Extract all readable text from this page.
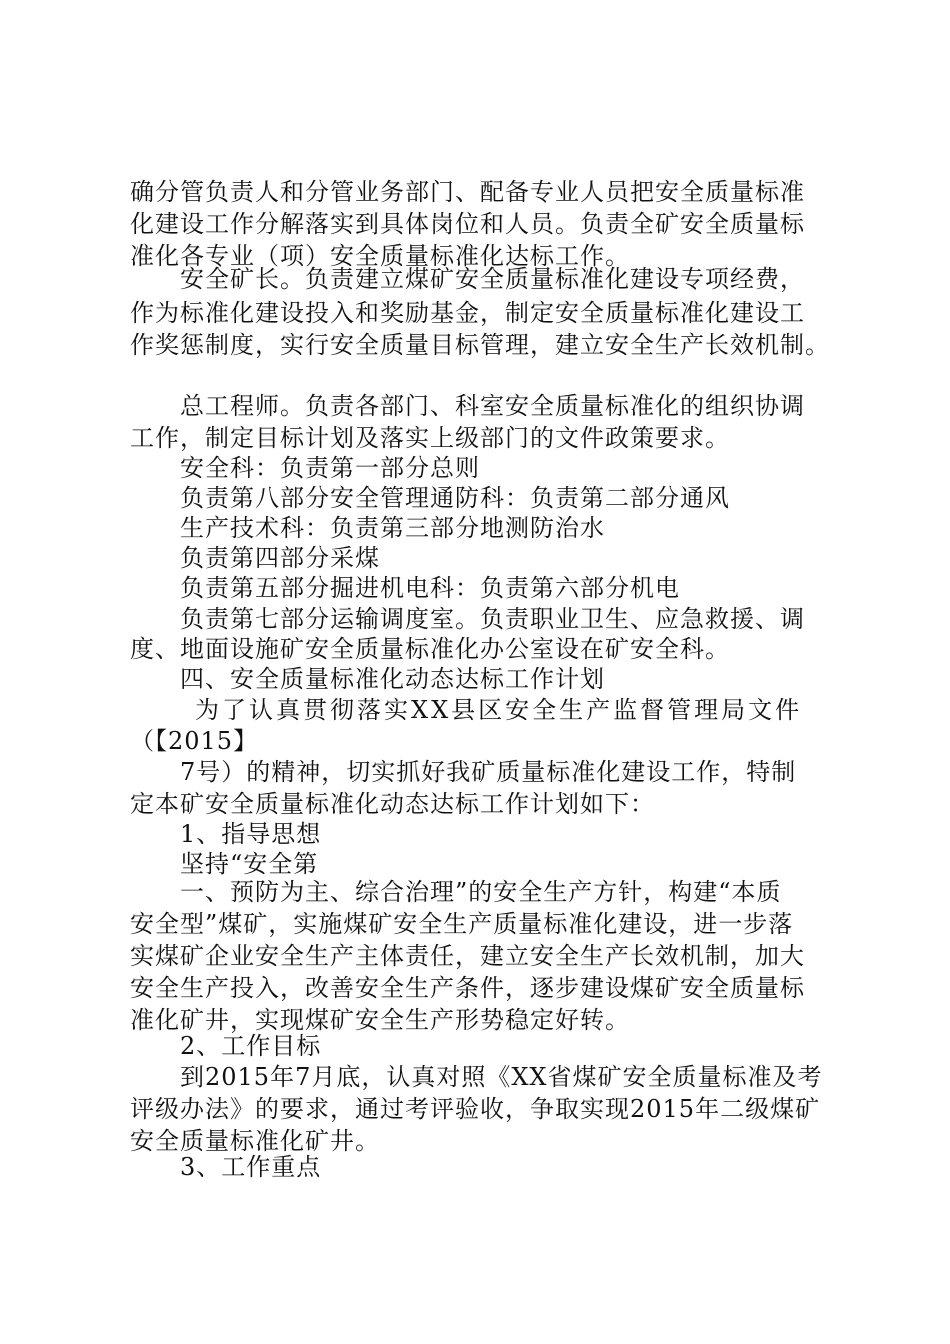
确分管负责人和分管业务部门、配备专业人员把安全质量标准
化建设工作分解落实到具体岗位和人员。负责全矿安全质量标
准化各专业（项）安全质量标准化达标工作。
安全矿长。负责建立煤矿安全质量标准化建设专项经费，
作为标准化建设投入和奖励基金，制定安全质量标准化建设工
作奖惩制度，实行安全质量目标管理，建立安全生产长效机制。
总工程师。负责各部门、科室安全质量标准化的组织协调
工作，制定目标计划及落实上级部门的文件政策要求。
安全科：负责第一部分总则
负责第八部分安全管理通防科：负责第二部分通风
生产技术科：负责第三部分地测防治水
负责第四部分采煤
负责第五部分掘进机电科：负责第六部分机电
负责第七部分运输调度室。负责职业卫生、应急救援、调
度、地面设施矿安全质量标准化办公室设在矿安全科。
四、安全质量标准化动态达标工作计划
为了认真贯彻落实XX县区安全生产监督管理局文件
（【2015】
7号）的精神，切实抓好我矿质量标准化建设工作，特制
定本矿安全质量标准化动态达标工作计划如下：
1、指导思想
坚持“安全第
一、预防为主、综合治理”的安全生产方针，构建“本质
安全型”煤矿，实施煤矿安全生产质量标准化建设，进一步落
实煤矿企业安全生产主体责任，建立安全生产长效机制，加大
安全生产投入，改善安全生产条件，逐步建设煤矿安全质量标
准化矿井，实现煤矿安全生产形势稳定好转。
2、工作目标
到2015年7月底，认真对照《XX省煤矿安全质量标准及考
评级办法》的要求，通过考评验收，争取实现2015年二级煤矿
安全质量标准化矿井。
3、工作重点
